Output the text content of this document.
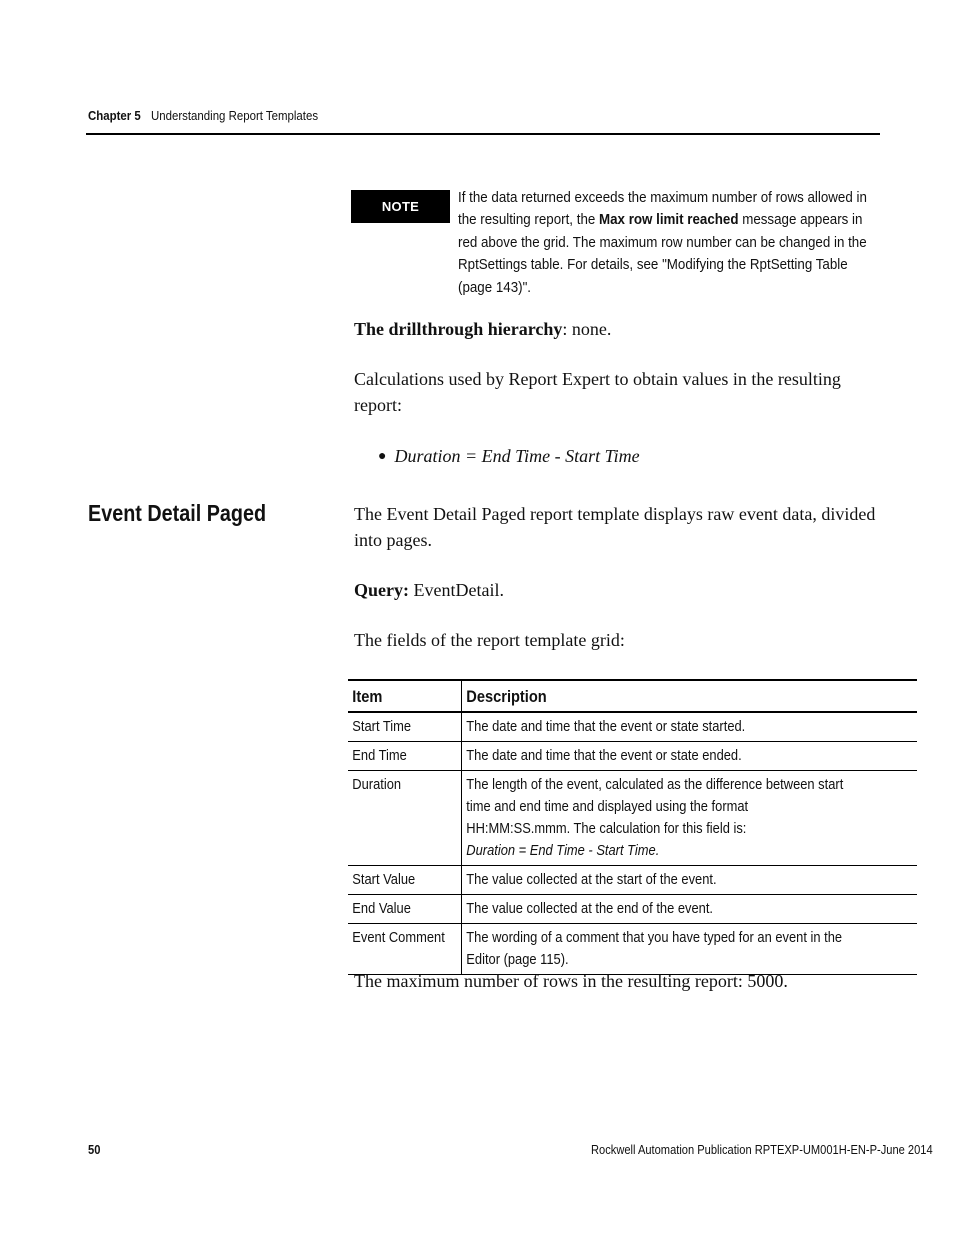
Chapter 5 Understanding Report Templates
NOTE
If the data returned exceeds the maximum number of rows allowed in the resulting report, the Max row limit reached message appears in red above the grid. The maximum row number can be changed in the RptSettings table. For details, see "Modifying the RptSetting Table (page 143)".
The drillthrough hierarchy: none.
Calculations used by Report Expert to obtain values in the resulting report:
● Duration = End Time - Start Time
Event Detail Paged	The Event Detail Paged report template displays raw event data, divided into pages.
Query: EventDetail.
The fields of the report template grid:
Item	Description

Start Time	The date and time that the event or state started.

End Time	The date and time that the event or state ended.

Duration	The length of the event, calculated as the difference between start time and end time and displayed using the format HH:MM:SS.mmm. The calculation for this field is:
Duration = End Time - Start Time.

Start Value	The value collected at the start of the event.

End Value	The value collected at the end of the event.

Event Comment	The wording of a comment that you have typed for an event in the Editor (page 115).
The maximum number of rows in the resulting report: 5000.
50	Rockwell Automation Publication RPTEXP-UM001H-EN-P-June 2014
